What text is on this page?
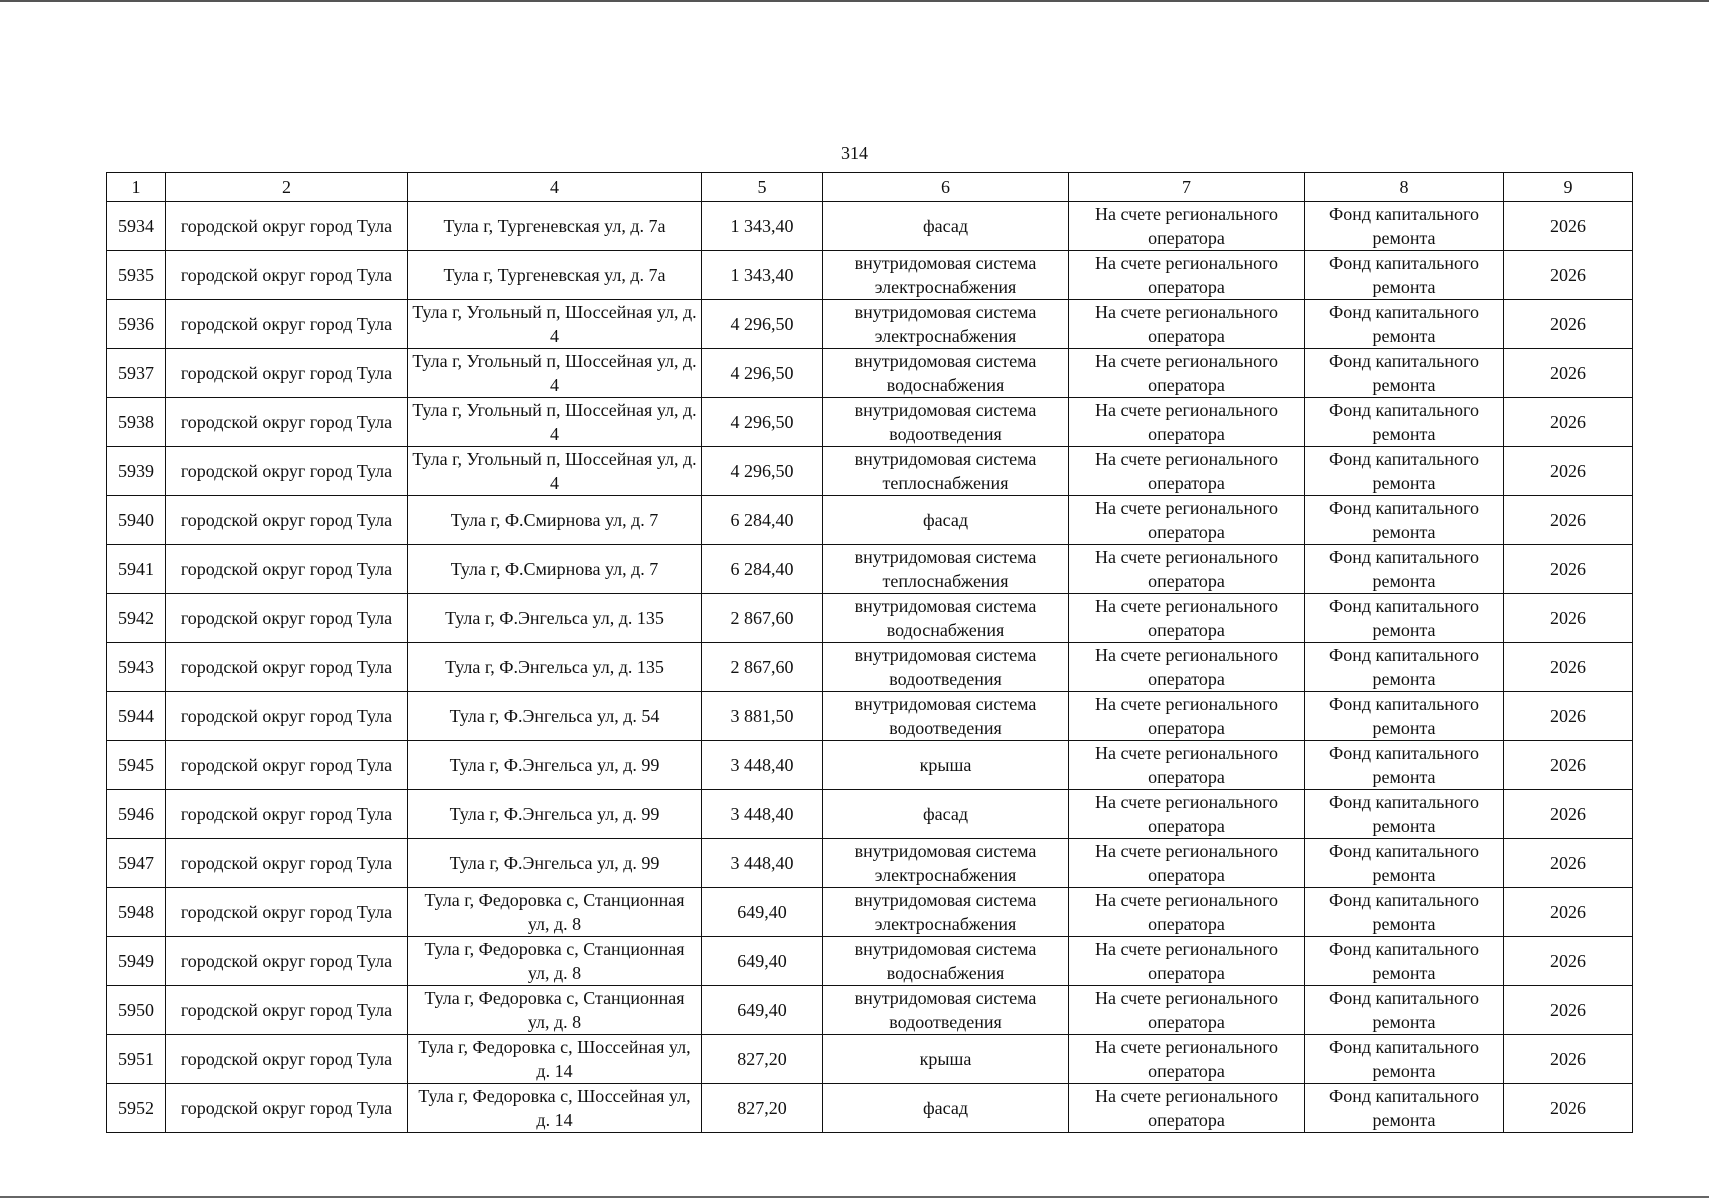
314
1	2	4	5	6	7	8	9
5934	городской округ город Тула	Тула г, Тургеневская ул, д. 7а	1 343,40	фасад	На счете регионального оператора	Фонд капитального ремонта	2026
5935	городской округ город Тула	Тула г, Тургеневская ул, д. 7а	1 343,40	внутридомовая система электроснабжения	На счете регионального оператора	Фонд капитального ремонта	2026
5936	городской округ город Тула	Тула г, Угольный п, Шоссейная ул, д. 4	4 296,50	внутридомовая система электроснабжения	На счете регионального оператора	Фонд капитального ремонта	2026
5937	городской округ город Тула	Тула г, Угольный п, Шоссейная ул, д. 4	4 296,50	внутридомовая система водоснабжения	На счете регионального оператора	Фонд капитального ремонта	2026
5938	городской округ город Тула	Тула г, Угольный п, Шоссейная ул, д. 4	4 296,50	внутридомовая система водоотведения	На счете регионального оператора	Фонд капитального ремонта	2026
5939	городской округ город Тула	Тула г, Угольный п, Шоссейная ул, д. 4	4 296,50	внутридомовая система теплоснабжения	На счете регионального оператора	Фонд капитального ремонта	2026
5940	городской округ город Тула	Тула г, Ф.Смирнова ул, д. 7	6 284,40	фасад	На счете регионального оператора	Фонд капитального ремонта	2026
5941	городской округ город Тула	Тула г, Ф.Смирнова ул, д. 7	6 284,40	внутридомовая система теплоснабжения	На счете регионального оператора	Фонд капитального ремонта	2026
5942	городской округ город Тула	Тула г, Ф.Энгельса ул, д. 135	2 867,60	внутридомовая система водоснабжения	На счете регионального оператора	Фонд капитального ремонта	2026
5943	городской округ город Тула	Тула г, Ф.Энгельса ул, д. 135	2 867,60	внутридомовая система водоотведения	На счете регионального оператора	Фонд капитального ремонта	2026
5944	городской округ город Тула	Тула г, Ф.Энгельса ул, д. 54	3 881,50	внутридомовая система водоотведения	На счете регионального оператора	Фонд капитального ремонта	2026
5945	городской округ город Тула	Тула г, Ф.Энгельса ул, д. 99	3 448,40	крыша	На счете регионального оператора	Фонд капитального ремонта	2026
5946	городской округ город Тула	Тула г, Ф.Энгельса ул, д. 99	3 448,40	фасад	На счете регионального оператора	Фонд капитального ремонта	2026
5947	городской округ город Тула	Тула г, Ф.Энгельса ул, д. 99	3 448,40	внутридомовая система электроснабжения	На счете регионального оператора	Фонд капитального ремонта	2026
5948	городской округ город Тула	Тула г, Федоровка с, Станционная ул, д. 8	649,40	внутридомовая система электроснабжения	На счете регионального оператора	Фонд капитального ремонта	2026
5949	городской округ город Тула	Тула г, Федоровка с, Станционная ул, д. 8	649,40	внутридомовая система водоснабжения	На счете регионального оператора	Фонд капитального ремонта	2026
5950	городской округ город Тула	Тула г, Федоровка с, Станционная ул, д. 8	649,40	внутридомовая система водоотведения	На счете регионального оператора	Фонд капитального ремонта	2026
5951	городской округ город Тула	Тула г, Федоровка с, Шоссейная ул, д. 14	827,20	крыша	На счете регионального оператора	Фонд капитального ремонта	2026
5952	городской округ город Тула	Тула г, Федоровка с, Шоссейная ул, д. 14	827,20	фасад	На счете регионального оператора	Фонд капитального ремонта	2026
